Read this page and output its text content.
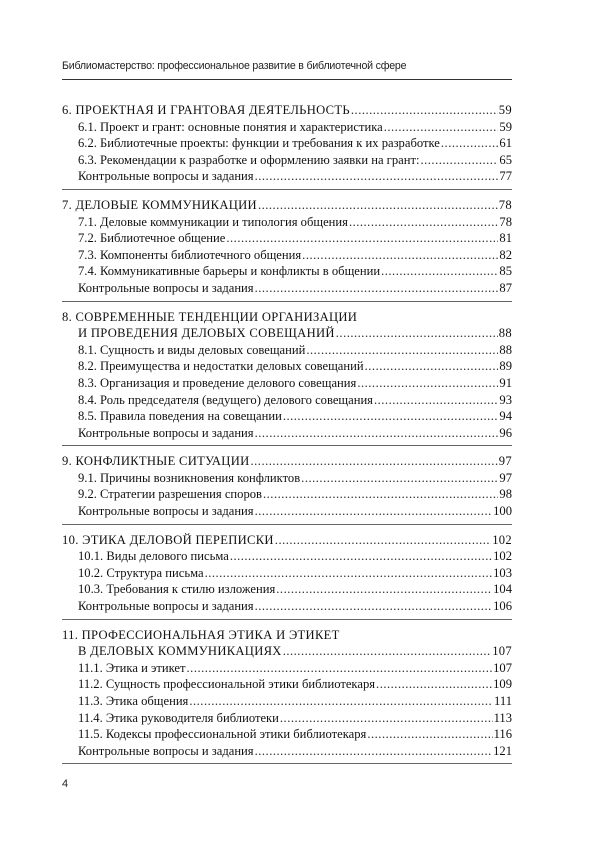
Библиомастерство: профессиональное развитие в библиотечной сфере
6. ПРОЕКТНАЯ И ГРАНТОВАЯ ДЕЯТЕЛЬНОСТЬ .....	59
6.1. Проект и грант: основные понятия и характеристика .....	59
6.2. Библиотечные проекты: функции и требования к их разработке .....	61
6.3. Рекомендации к разработке и оформлению заявки на грант: .....	65
Контрольные вопросы и задания .....	77
7. ДЕЛОВЫЕ КОММУНИКАЦИИ .....	78
7.1. Деловые коммуникации и типология общения .....	78
7.2. Библиотечное общение .....	81
7.3. Компоненты библиотечного общения .....	82
7.4. Коммуникативные барьеры и конфликты в общении .....	85
Контрольные вопросы и задания .....	87
8. СОВРЕМЕННЫЕ ТЕНДЕНЦИИ ОРГАНИЗАЦИИ
И ПРОВЕДЕНИЯ ДЕЛОВЫХ СОВЕЩАНИЙ .....	88
8.1. Сущность и виды деловых совещаний .....	88
8.2. Преимущества и недостатки деловых совещаний .....	89
8.3. Организация и проведение делового совещания .....	91
8.4. Роль председателя (ведущего) делового совещания .....	93
8.5. Правила поведения на совещании .....	94
Контрольные вопросы и задания .....	96
9. КОНФЛИКТНЫЕ СИТУАЦИИ .....	97
9.1. Причины возникновения конфликтов .....	97
9.2. Стратегии разрешения споров .....	98
Контрольные вопросы и задания .....	100
10. ЭТИКА ДЕЛОВОЙ ПЕРЕПИСКИ .....	102
10.1. Виды делового письма .....	102
10.2. Структура письма .....	103
10.3. Требования к стилю изложения .....	104
Контрольные вопросы и задания .....	106
11. ПРОФЕССИОНАЛЬНАЯ ЭТИКА И ЭТИКЕТ
В ДЕЛОВЫХ КОММУНИКАЦИЯХ .....	107
11.1. Этика и этикет .....	107
11.2. Сущность профессиональной этики библиотекаря .....	109
11.3. Этика общения .....	111
11.4. Этика руководителя библиотеки .....	113
11.5. Кодексы профессиональной этики библиотекаря .....	116
Контрольные вопросы и задания .....	121
4
